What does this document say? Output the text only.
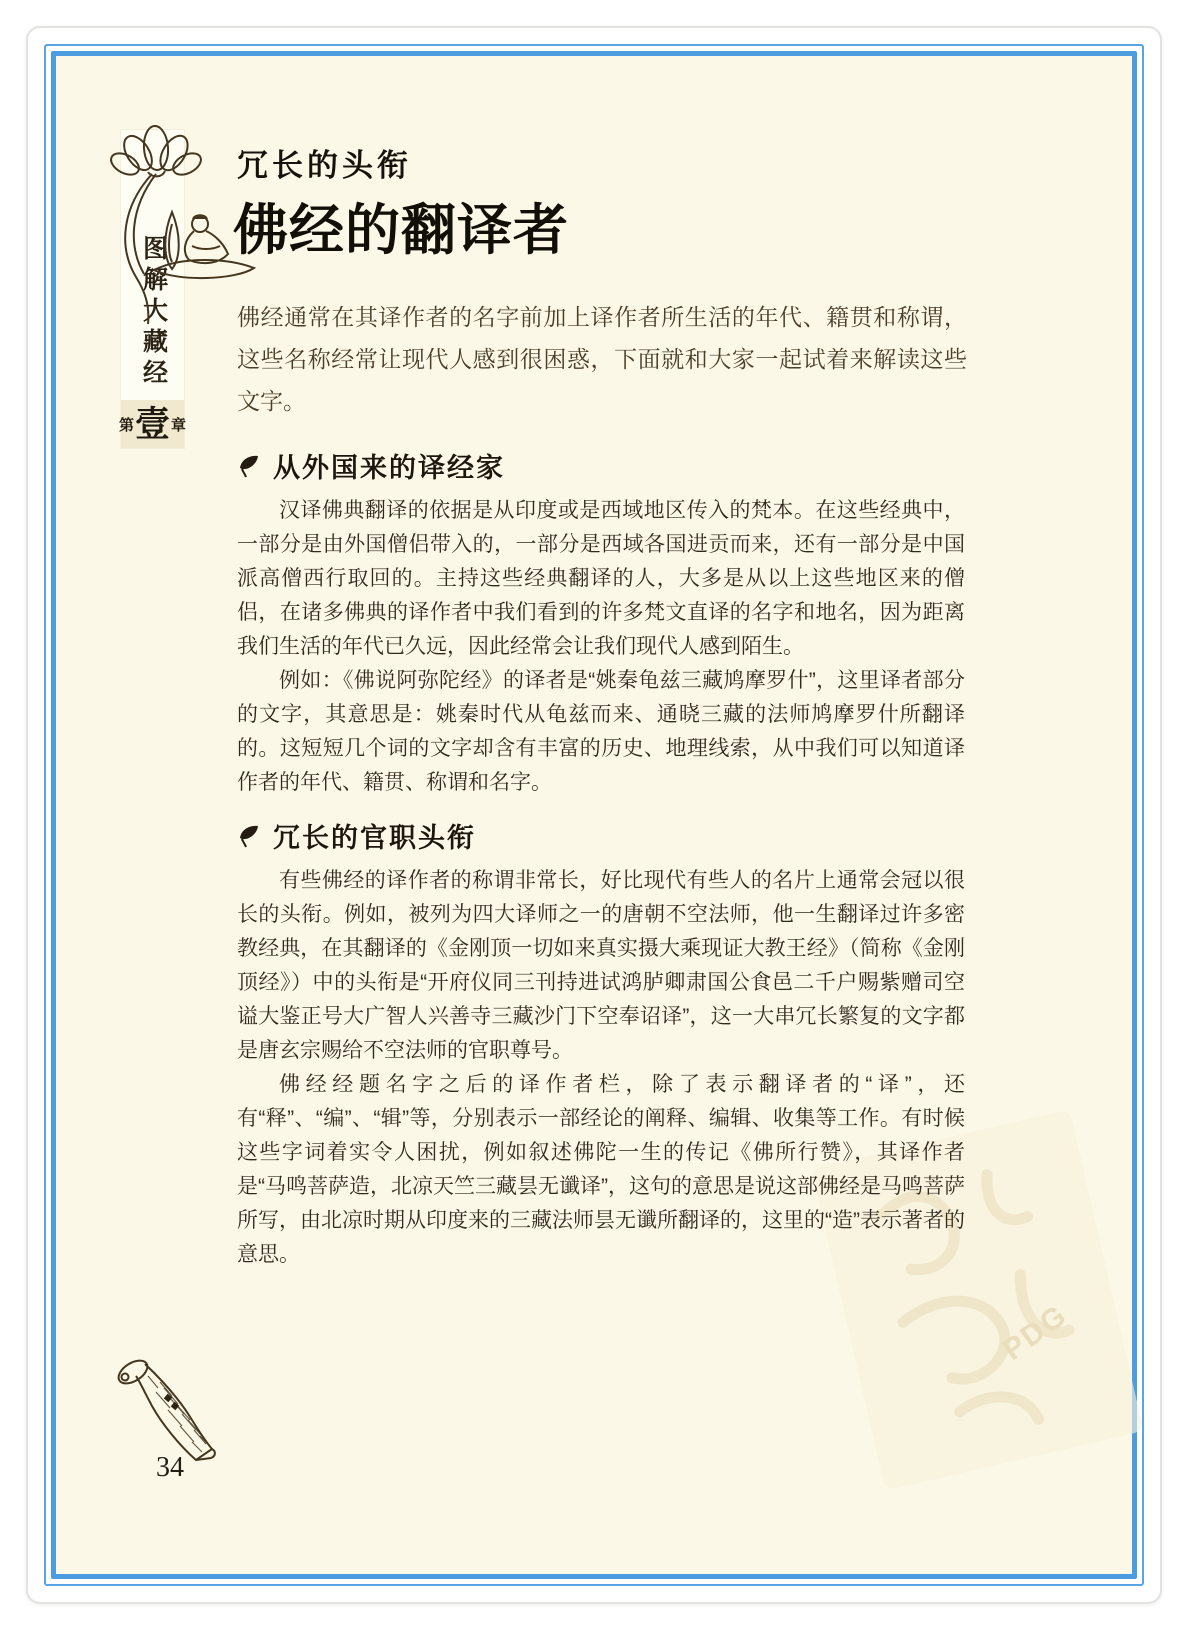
PDG
图解大藏经
第 壹 章
冗长的头衔
佛经的翻译者
佛经通常在其译作者的名字前加上译作者所生活的年代、籍贯和称谓，这些名称经常让现代人感到很困惑，下面就和大家一起试着来解读这些文字。
从外国来的译经家

汉译佛典翻译的依据是从印度或是西域地区传入的梵本。在这些经典中，一部分是由外国僧侣带入的，一部分是西域各国进贡而来，还有一部分是中国派高僧西行取回的。主持这些经典翻译的人，大多是从以上这些地区来的僧侣，在诸多佛典的译作者中我们看到的许多梵文直译的名字和地名，因为距离我们生活的年代已久远，因此经常会让我们现代人感到陌生。

例如：《佛说阿弥陀经》的译者是“姚秦龟兹三藏鸠摩罗什”，这里译者部分的文字，其意思是：姚秦时代从龟兹而来、通晓三藏的法师鸠摩罗什所翻译的。这短短几个词的文字却含有丰富的历史、地理线索，从中我们可以知道译作者的年代、籍贯、称谓和名字。

冗长的官职头衔

有些佛经的译作者的称谓非常长，好比现代有些人的名片上通常会冠以很长的头衔。例如，被列为四大译师之一的唐朝不空法师，他一生翻译过许多密教经典，在其翻译的《金刚顶一切如来真实摄大乘现证大教王经》（简称《金刚顶经》）中的头衔是“开府仪同三刊持进试鸿胪卿肃国公食邑二千户赐紫赠司空谥大鉴正号大广智人兴善寺三藏沙门下空奉诏译”，这一大串冗长繁复的文字都是唐玄宗赐给不空法师的官职尊号。

佛经经题名字之后的译作者栏，除了表示翻译者的“译”，还有“释”、“编”、“辑”等，分别表示一部经论的阐释、编辑、收集等工作。有时候这些字词着实令人困扰，例如叙述佛陀一生的传记《佛所行赞》，其译作者是“马鸣菩萨造，北凉天竺三藏昙无谶译”，这句的意思是说这部佛经是马鸣菩萨所写，由北凉时期从印度来的三藏法师昙无谶所翻译的，这里的“造”表示著者的意思。

34
